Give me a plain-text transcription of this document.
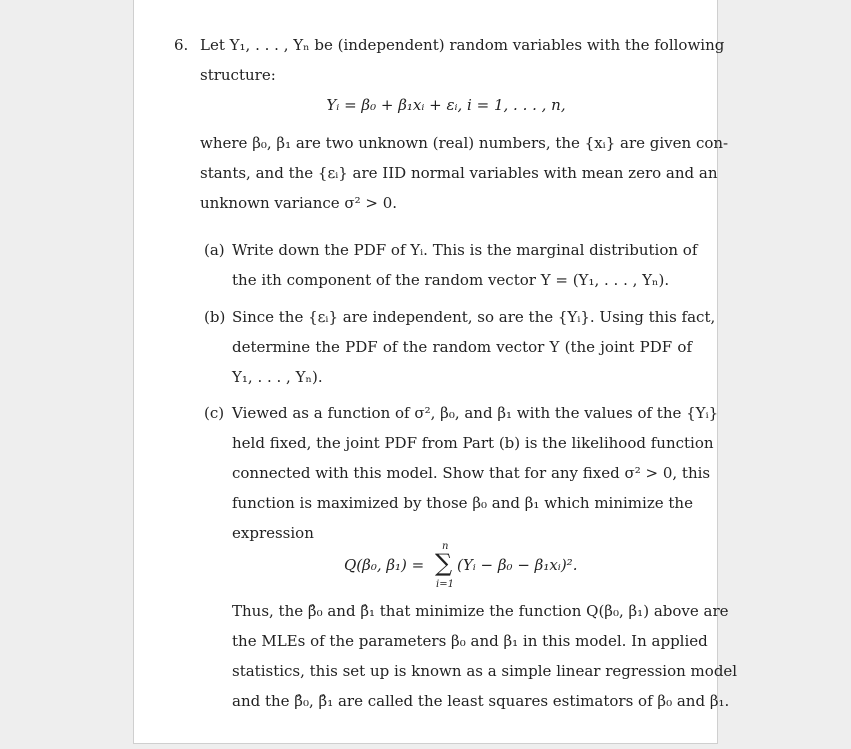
6. Let Y₁, . . . , Yₙ be (independent) random variables with the following
structure:
Yᵢ = β₀ + β₁xᵢ + εᵢ, i = 1, . . . , n,
where β₀, β₁ are two unknown (real) numbers, the {xᵢ} are given con-
stants, and the {εᵢ} are IID normal variables with mean zero and an
unknown variance σ² > 0.
(a) Write down the PDF of Yᵢ. This is the marginal distribution of
the ith component of the random vector Y = (Y₁, . . . , Yₙ).
(b) Since the {εᵢ} are independent, so are the {Yᵢ}. Using this fact,
determine the PDF of the random vector Y (the joint PDF of
Y₁, . . . , Yₙ).
(c) Viewed as a function of σ², β₀, and β₁ with the values of the {Yᵢ}
held fixed, the joint PDF from Part (b) is the likelihood function
connected with this model. Show that for any fixed σ² > 0, this
function is maximized by those β₀ and β₁ which minimize the
expression
Q(β₀, β₁) =
n
∑
i=1
(Yᵢ − β₀ − β₁xᵢ)².
Thus, the β̂₀ and β̂₁ that minimize the function Q(β₀, β₁) above are
the MLEs of the parameters β₀ and β₁ in this model. In applied
statistics, this set up is known as a simple linear regression model
and the β̂₀, β̂₁ are called the least squares estimators of β₀ and β₁.
